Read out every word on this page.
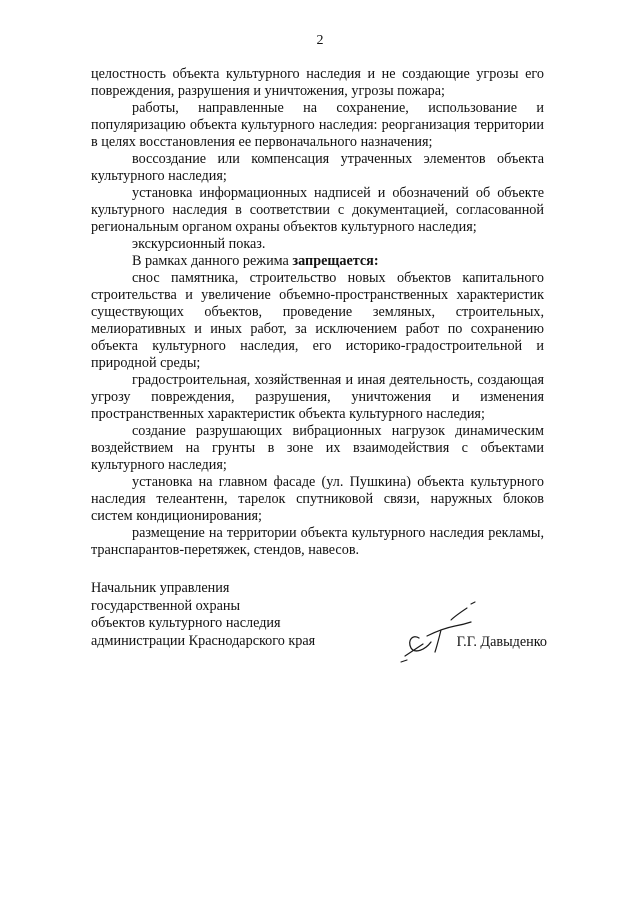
2

целостность объекта культурного наследия и не создающие угрозы его повреждения, разрушения и уничтожения, угрозы пожара;

работы, направленные на сохранение, использование и популяризацию объекта культурного наследия: реорганизация территории в целях восстановления ее первоначального назначения;

воссоздание или компенсация утраченных элементов объекта культурного наследия;

установка информационных надписей и обозначений об объекте культурного наследия в соответствии с документацией, согласованной региональным органом охраны объектов культурного наследия;

экскурсионный показ.

В рамках данного режима запрещается:

снос памятника, строительство новых объектов капитального строительства и увеличение объемно-пространственных характеристик существующих объектов, проведение земляных, строительных, мелиоративных и иных работ, за исключением работ по сохранению объекта культурного наследия, его историко-градостроительной и природной среды;

градостроительная, хозяйственная и иная деятельность, создающая угрозу повреждения, разрушения, уничтожения и изменения пространственных характеристик объекта культурного наследия;

создание разрушающих вибрационных нагрузок динамическим воздействием на грунты в зоне их взаимодействия с объектами культурного наследия;

установка на главном фасаде (ул. Пушкина) объекта культурного наследия телеантенн, тарелок спутниковой связи, наружных блоков систем кондиционирования;

размещение на территории объекта культурного наследия рекламы, транспарантов-перетяжек, стендов, навесов.

Начальник управления
государственной охраны
объектов культурного наследия
администрации Краснодарского края	Г.Г. Давыденко
